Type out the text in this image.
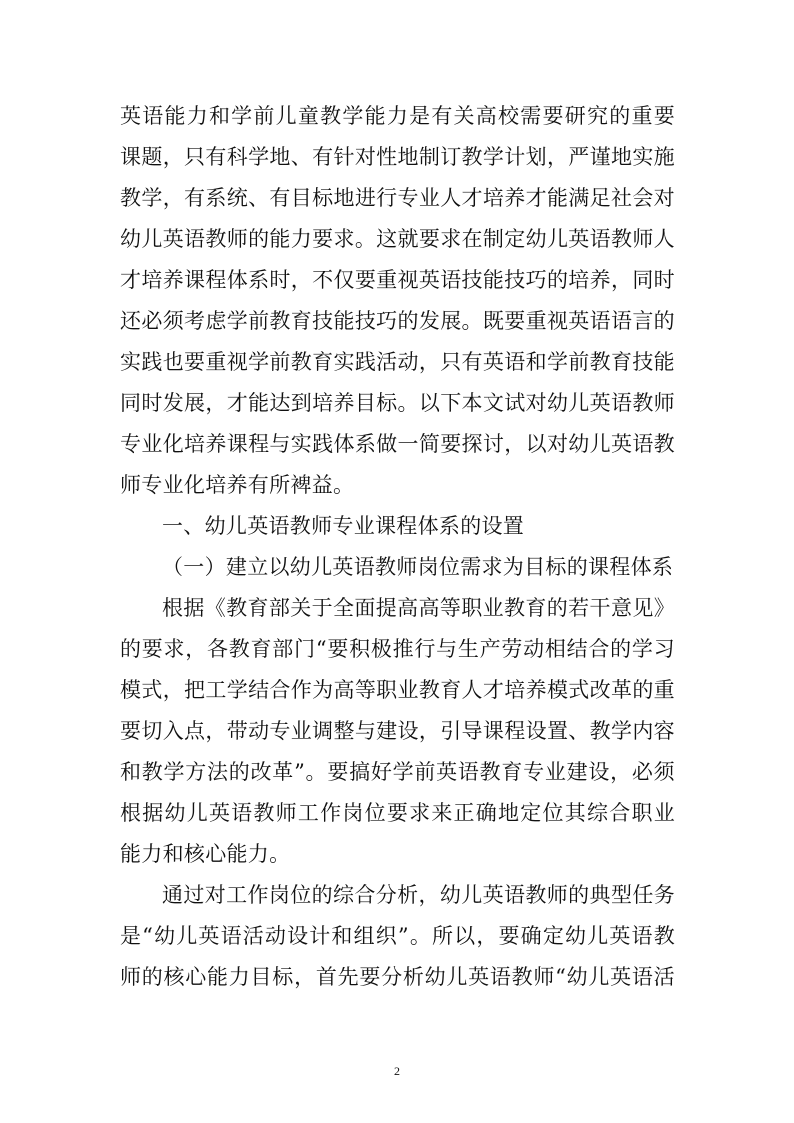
英语能力和学前儿童教学能力是有关高校需要研究的重要
课题，只有科学地、有针对性地制订教学计划，严谨地实施
教学，有系统、有目标地进行专业人才培养才能满足社会对
幼儿英语教师的能力要求。这就要求在制定幼儿英语教师人
才培养课程体系时，不仅要重视英语技能技巧的培养，同时
还必须考虑学前教育技能技巧的发展。既要重视英语语言的
实践也要重视学前教育实践活动，只有英语和学前教育技能
同时发展，才能达到培养目标。以下本文试对幼儿英语教师
专业化培养课程与实践体系做一简要探讨，以对幼儿英语教
师专业化培养有所裨益。
一、幼儿英语教师专业课程体系的设置
（一）建立以幼儿英语教师岗位需求为目标的课程体系
根据《教育部关于全面提高高等职业教育的若干意见》
的要求，各教育部门“要积极推行与生产劳动相结合的学习
模式，把工学结合作为高等职业教育人才培养模式改革的重
要切入点，带动专业调整与建设，引导课程设置、教学内容
和教学方法的改革”。要搞好学前英语教育专业建设，必须
根据幼儿英语教师工作岗位要求来正确地定位其综合职业
能力和核心能力。
通过对工作岗位的综合分析，幼儿英语教师的典型任务
是“幼儿英语活动设计和组织”。所以，要确定幼儿英语教
师的核心能力目标，首先要分析幼儿英语教师“幼儿英语活
2
